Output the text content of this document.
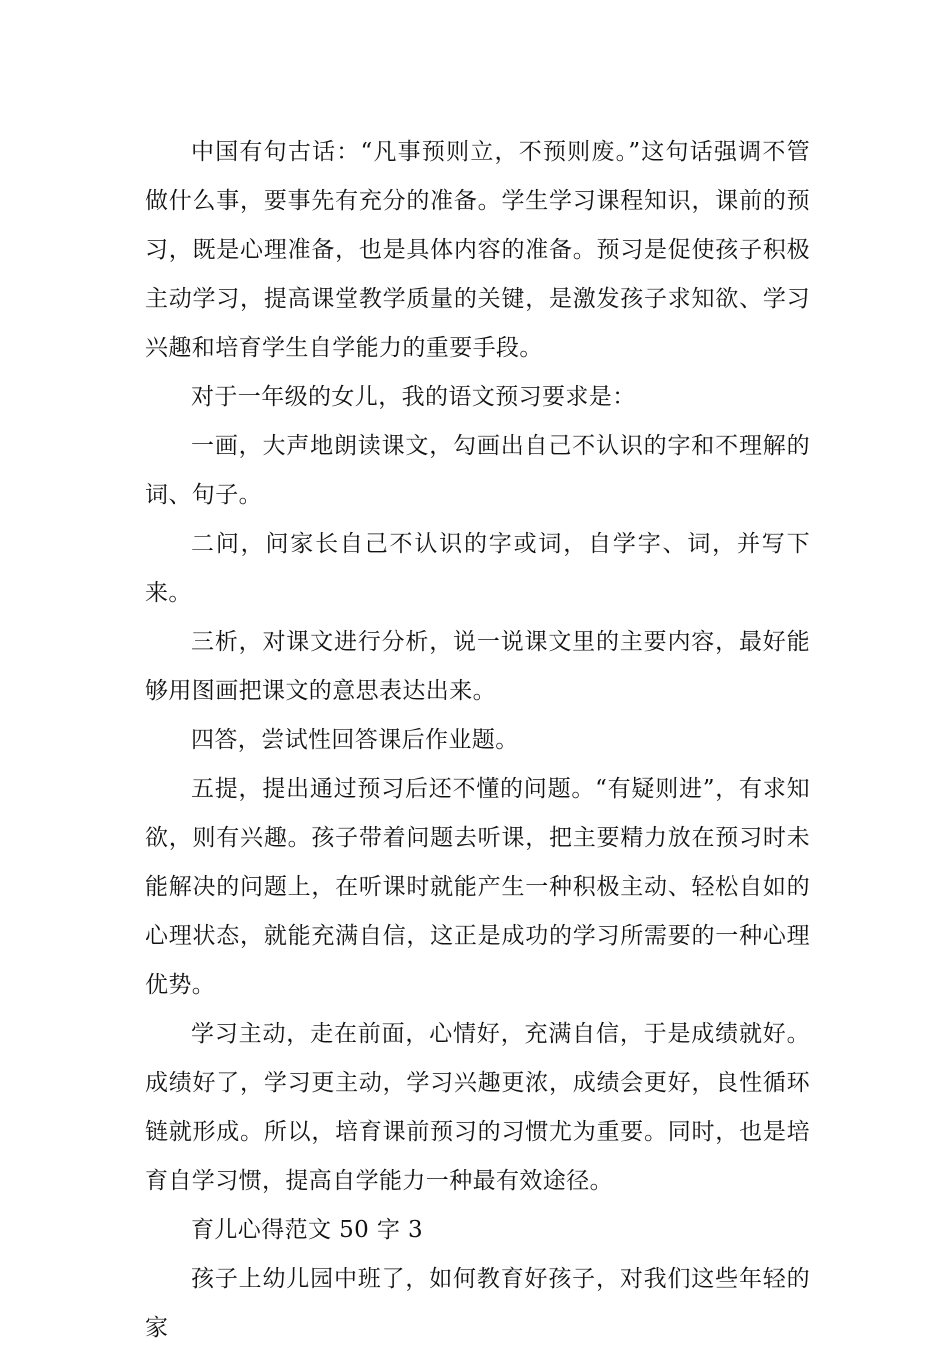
中国有句古话：“凡事预则立，不预则废。”这句话强调不管做什么事，要事先有充分的准备。学生学习课程知识，课前的预习，既是心理准备，也是具体内容的准备。预习是促使孩子积极主动学习，提高课堂教学质量的关键，是激发孩子求知欲、学习兴趣和培育学生自学能力的重要手段。

对于一年级的女儿，我的语文预习要求是：

一画，大声地朗读课文，勾画出自己不认识的字和不理解的词、句子。

二问，问家长自己不认识的字或词，自学字、词，并写下来。

三析，对课文进行分析，说一说课文里的主要内容，最好能够用图画把课文的意思表达出来。

四答，尝试性回答课后作业题。

五提，提出通过预习后还不懂的问题。“有疑则进”，有求知欲，则有兴趣。孩子带着问题去听课，把主要精力放在预习时未能解决的问题上，在听课时就能产生一种积极主动、轻松自如的心理状态，就能充满自信，这正是成功的学习所需要的一种心理优势。

学习主动，走在前面，心情好，充满自信，于是成绩就好。成绩好了，学习更主动，学习兴趣更浓，成绩会更好，良性循环链就形成。所以，培育课前预习的习惯尤为重要。同时，也是培育自学习惯，提高自学能力一种最有效途径。

育儿心得范文 50 字 3

孩子上幼儿园中班了，如何教育好孩子，对我们这些年轻的家
